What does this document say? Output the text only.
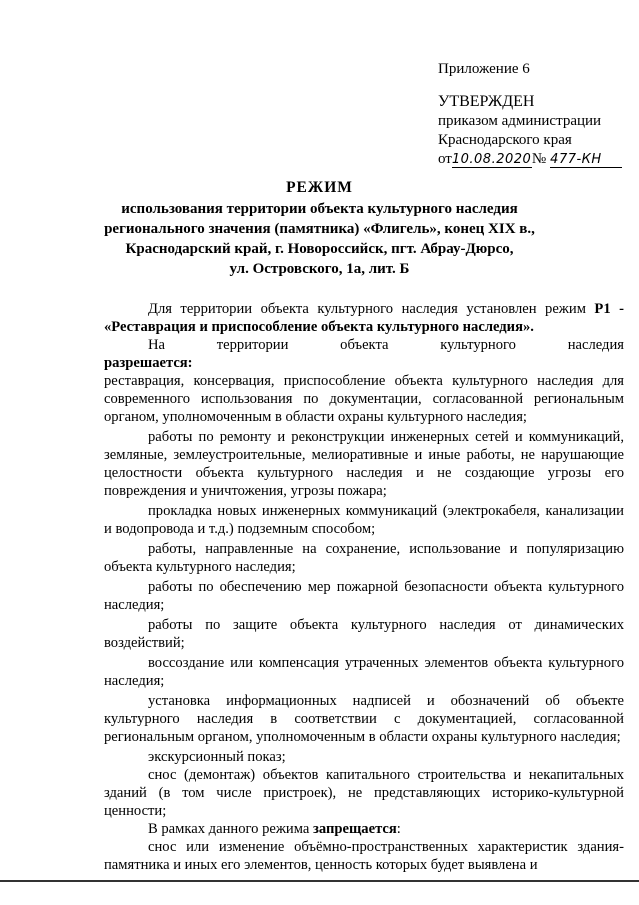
Приложение 6
УТВЕРЖДЕН
приказом администрации
Краснодарского края
от 10.08.2020 № 477-КН
РЕЖИМ
использования территории объекта культурного наследия
регионального значения (памятника) «Флигель», конец XIX в.,
Краснодарский край, г. Новороссийск, пгт. Абрау-Дюрсо,
ул. Островского, 1а, лит. Б

Для территории объекта культурного наследия установлен режим Р1 - «Реставрация и приспособление объекта культурного наследия».

На территории объекта культурного наследия разрешается:

реставрация, консервация, приспособление объекта культурного наследия для современного использования по документации, согласованной региональным органом, уполномоченным в области охраны культурного наследия;

работы по ремонту и реконструкции инженерных сетей и коммуникаций, земляные, землеустроительные, мелиоративные и иные работы, не нарушающие целостности объекта культурного наследия и не создающие угрозы его повреждения и уничтожения, угрозы пожара;

прокладка новых инженерных коммуникаций (электрокабеля, канализации и водопровода и т.д.) подземным способом;

работы, направленные на сохранение, использование и популяризацию объекта культурного наследия;

работы по обеспечению мер пожарной безопасности объекта культурного наследия;

работы по защите объекта культурного наследия от динамических воздействий;

воссоздание или компенсация утраченных элементов объекта культурного наследия;

установка информационных надписей и обозначений об объекте культурного наследия в соответствии с документацией, согласованной региональным органом, уполномоченным в области охраны культурного наследия;

экскурсионный показ;

снос (демонтаж) объектов капитального строительства и некапитальных зданий (в том числе пристроек), не представляющих историко-культурной ценности;

В рамках данного режима запрещается:

снос или изменение объёмно-пространственных характеристик здания-памятника и иных его элементов, ценность которых будет выявлена и
